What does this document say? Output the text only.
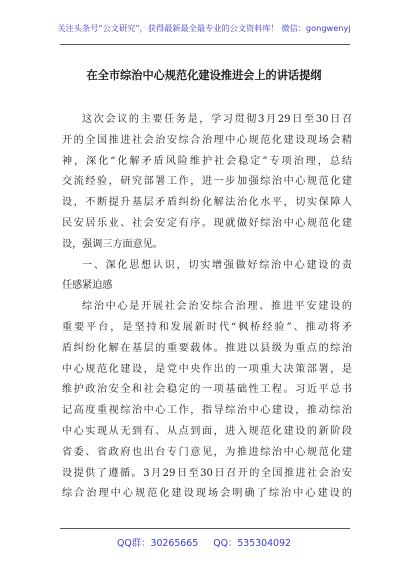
关注头条号“公文研究”，获得最新最全最专业的公文资料库！ 微信：gongwenyj
在全市综治中心规范化建设推进会上的讲话提纲
这次会议的主要任务是，学习贯彻3月29日至30日召
开的全国推进社会治安综合治理中心规范化建设现场会精
神，深化“化解矛盾风险维护社会稳定”专项治理，总结
交流经验，研究部署工作，进一步加强综治中心规范化建
设，不断提升基层矛盾纠纷化解法治化水平，切实保障人
民安居乐业、社会安定有序。现就做好综治中心规范化建
设，强调三方面意见。
一、深化思想认识，切实增强做好综治中心建设的责
任感紧迫感
综治中心是开展社会治安综合治理、推进平安建设的
重要平台，是坚持和发展新时代“枫桥经验”、推动将矛
盾纠纷化解在基层的重要载体。推进以县级为重点的综治
中心规范化建设，是党中央作出的一项重大决策部署，是
维护政治安全和社会稳定的一项基础性工程。习近平总书
记高度重视综治中心工作，指导综治中心建设，推动综治
中心实现从无到有、从点到面，进入规范化建设的新阶段
省委、省政府也出台专门意见，为推进综治中心规范化建
设提供了遵循。3月29日至30日召开的全国推进社会治安
综合治理中心规范化建设现场会明确了综治中心建设的
QQ群：30265665 QQ：535304092
